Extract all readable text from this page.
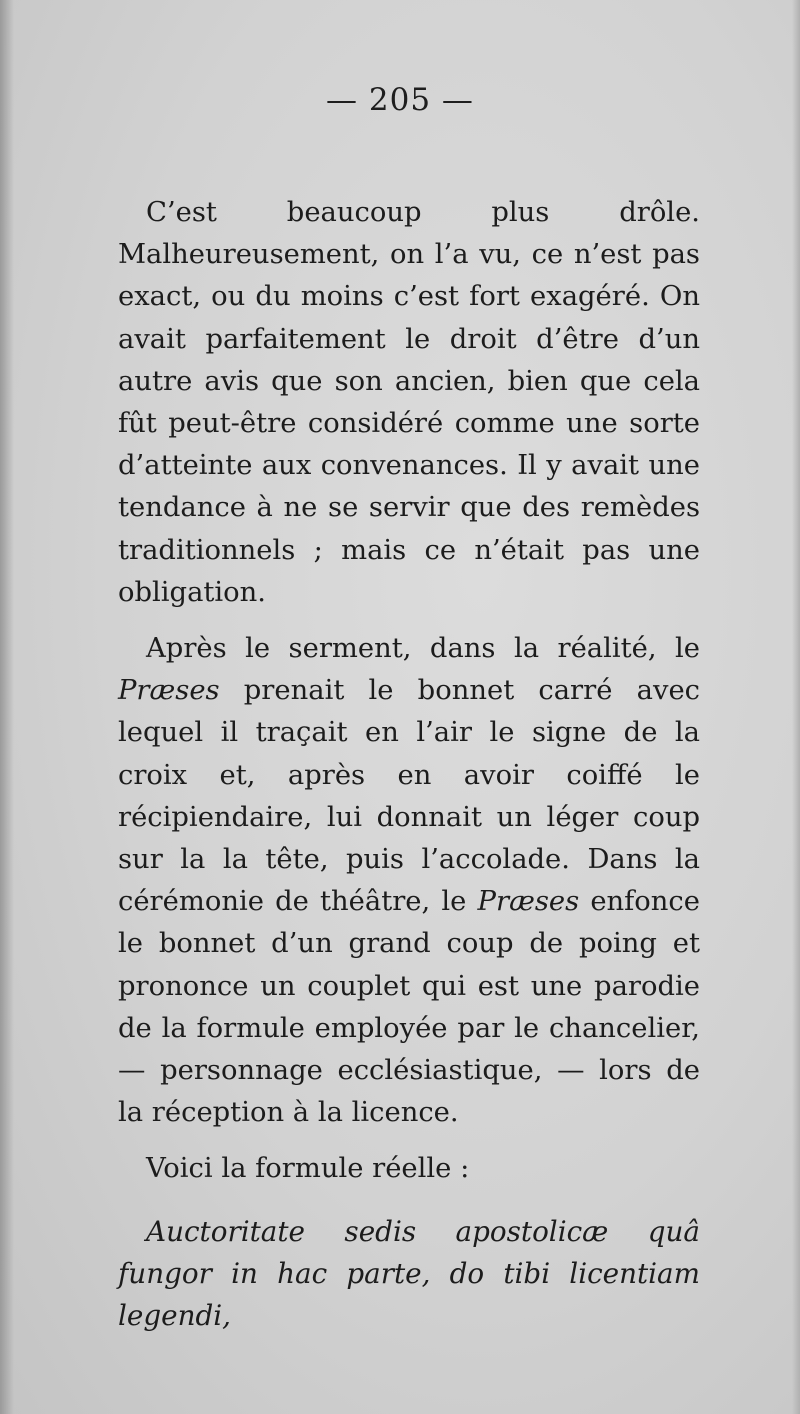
— 205 —

C’est beaucoup plus drôle. Malheureusement, on l’a vu, ce n’est pas exact, ou du moins c’est fort exagéré. On avait parfaitement le droit d’être d’un autre avis que son ancien, bien que cela fût peut-être considéré comme une sorte d’atteinte aux convenances. Il y avait une tendance à ne se servir que des remèdes traditionnels ; mais ce n’était pas une obligation.

Après le serment, dans la réalité, le Præses prenait le bonnet carré avec lequel il traçait en l’air le signe de la croix et, après en avoir coiffé le récipiendaire, lui donnait un léger coup sur la la tête, puis l’accolade. Dans la cérémonie de théâtre, le Præses enfonce le bonnet d’un grand coup de poing et prononce un couplet qui est une parodie de la formule employée par le chancelier, — personnage ecclésiastique, — lors de la réception à la licence.

Voici la formule réelle :

Auctoritate sedis apostolicæ quâ fungor in hac parte, do tibi licentiam legendi,
